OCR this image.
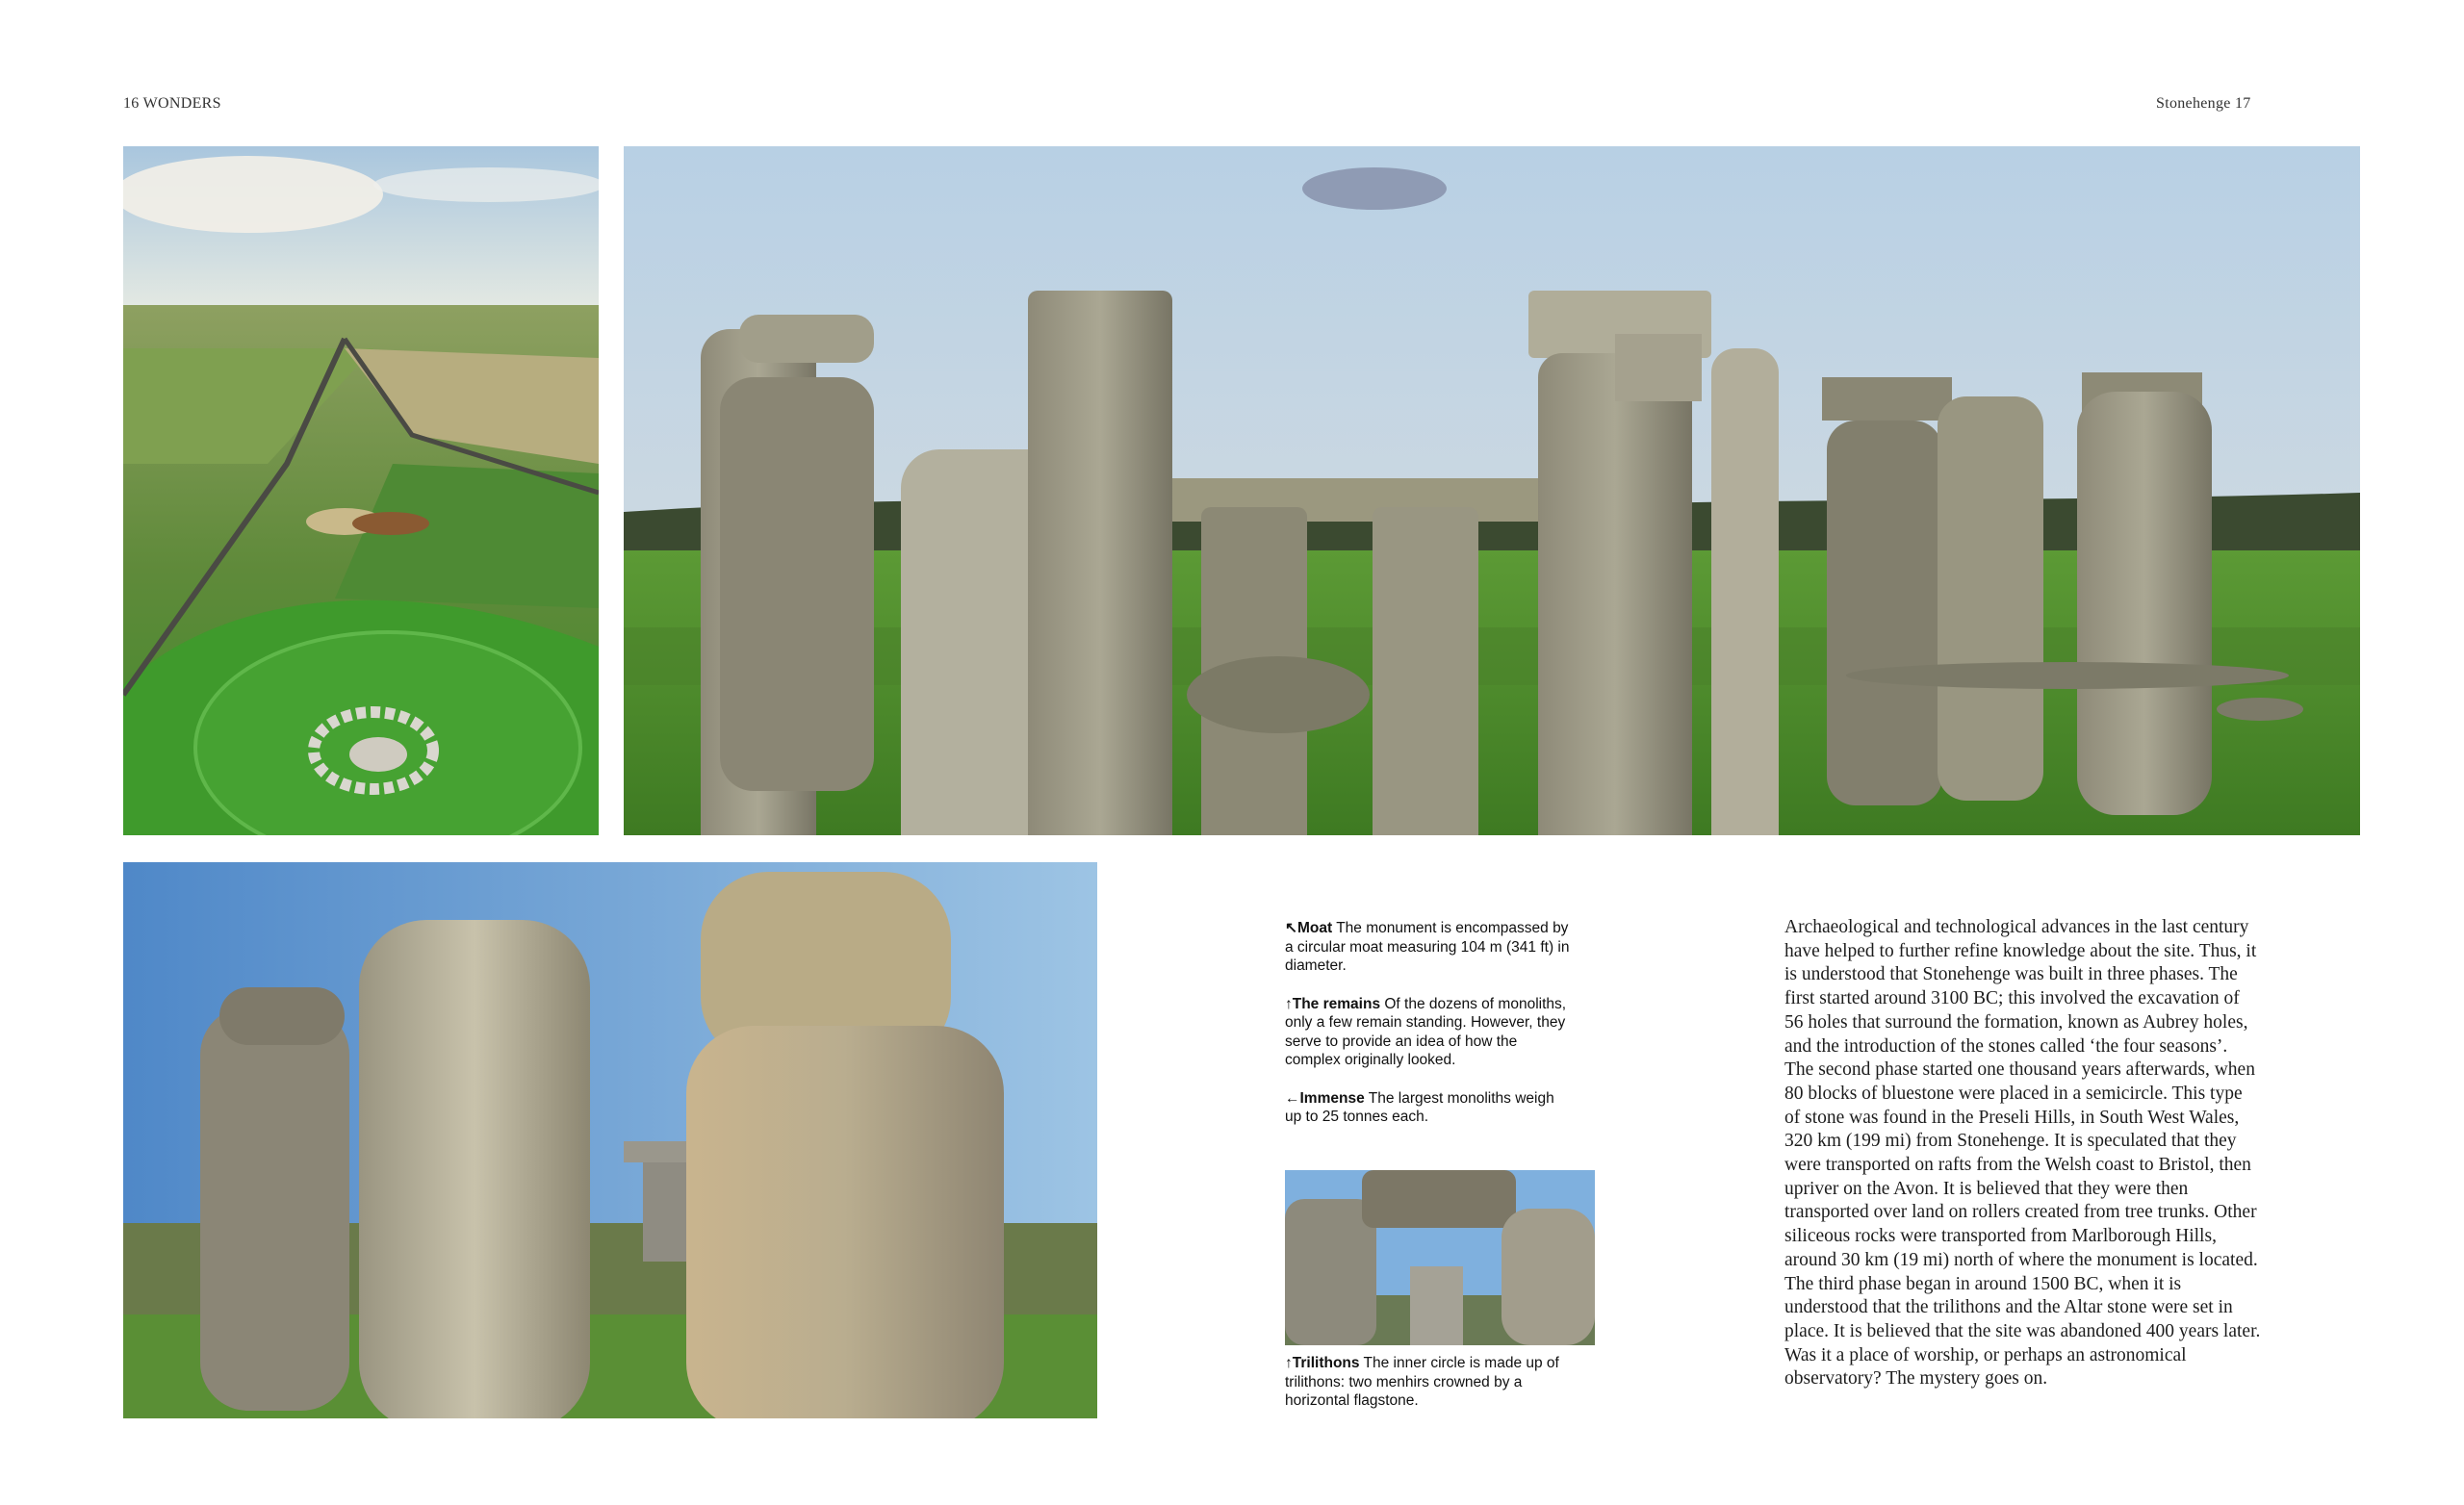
16 WONDERS	Stonehenge 17

↖Moat The monument is encompassed by a circular moat measuring 104 m (341 ft) in diameter.

↑The remains Of the dozens of monoliths, only a few remain standing. However, they serve to provide an idea of how the complex originally looked.

←Immense The largest monoliths weigh up to 25 tonnes each.

↑Trilithons The inner circle is made up of trilithons: two menhirs crowned by a horizontal flagstone.
Archaeological and technological advances in the last century have helped to further refine knowledge about the site. Thus, it is understood that Stonehenge was built in three phases. The first started around 3100 BC; this involved the excavation of 56 holes that surround the formation, known as Aubrey holes, and the introduction of the stones called ‘the four seasons’. The second phase started one thousand years afterwards, when 80 blocks of bluestone were placed in a semicircle. This type of stone was found in the Preseli Hills, in South West Wales, 320 km (199 mi) from Stonehenge. It is speculated that they were transported on rafts from the Welsh coast to Bristol, then upriver on the Avon. It is believed that they were then transported over land on rollers created from tree trunks. Other siliceous rocks were transported from Marlborough Hills, around 30 km (19 mi) north of where the monument is located. The third phase began in around 1500 BC, when it is understood that the trilithons and the Altar stone were set in place. It is believed that the site was abandoned 400 years later. Was it a place of worship, or perhaps an astronomical observatory? The mystery goes on.
